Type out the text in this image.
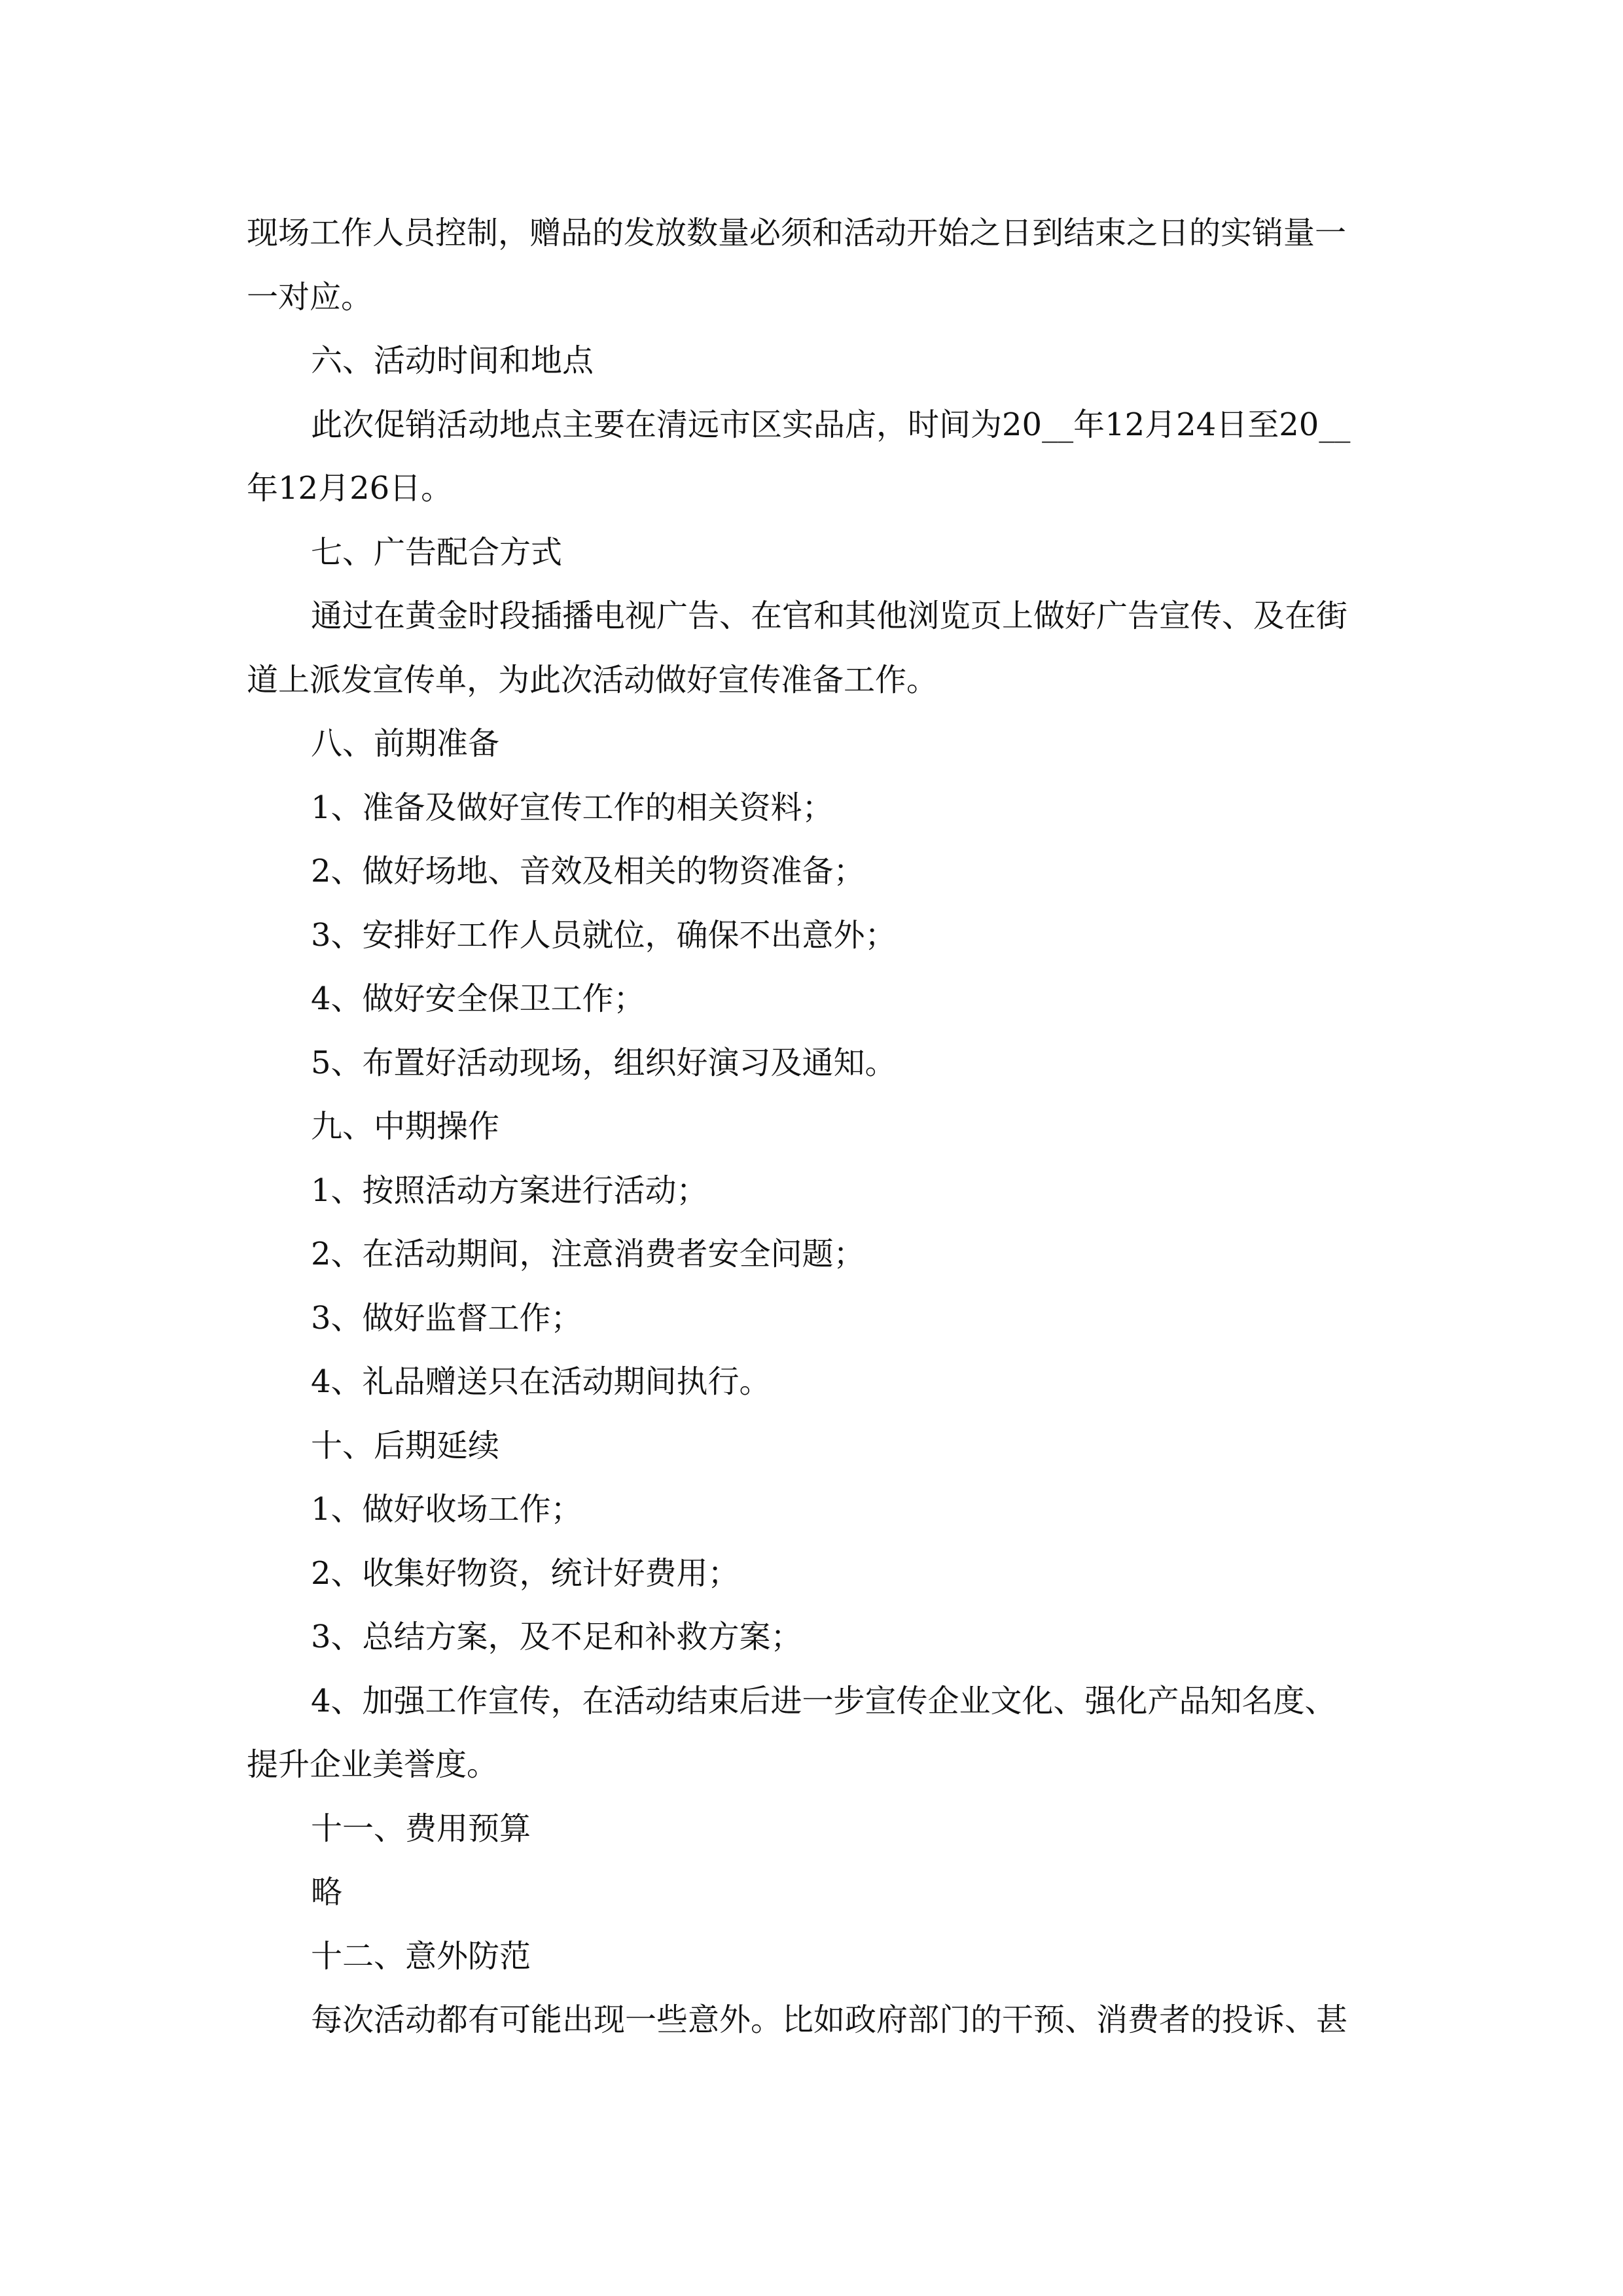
现场工作人员控制，赠品的发放数量必须和活动开始之日到结束之日的实销量一
一对应。
六、活动时间和地点
此次促销活动地点主要在清远市区实品店，时间为20__年12月24日至20__
年12月26日。
七、广告配合方式
通过在黄金时段插播电视广告、在官和其他浏览页上做好广告宣传、及在街
道上派发宣传单，为此次活动做好宣传准备工作。
八、前期准备
1、准备及做好宣传工作的相关资料；
2、做好场地、音效及相关的物资准备；
3、安排好工作人员就位，确保不出意外；
4、做好安全保卫工作；
5、布置好活动现场，组织好演习及通知。
九、中期操作
1、按照活动方案进行活动；
2、在活动期间，注意消费者安全问题；
3、做好监督工作；
4、礼品赠送只在活动期间执行。
十、后期延续
1、做好收场工作；
2、收集好物资，统计好费用；
3、总结方案，及不足和补救方案；
4、加强工作宣传，在活动结束后进一步宣传企业文化、强化产品知名度、
提升企业美誉度。
十一、费用预算
略
十二、意外防范
每次活动都有可能出现一些意外。比如政府部门的干预、消费者的投诉、甚
